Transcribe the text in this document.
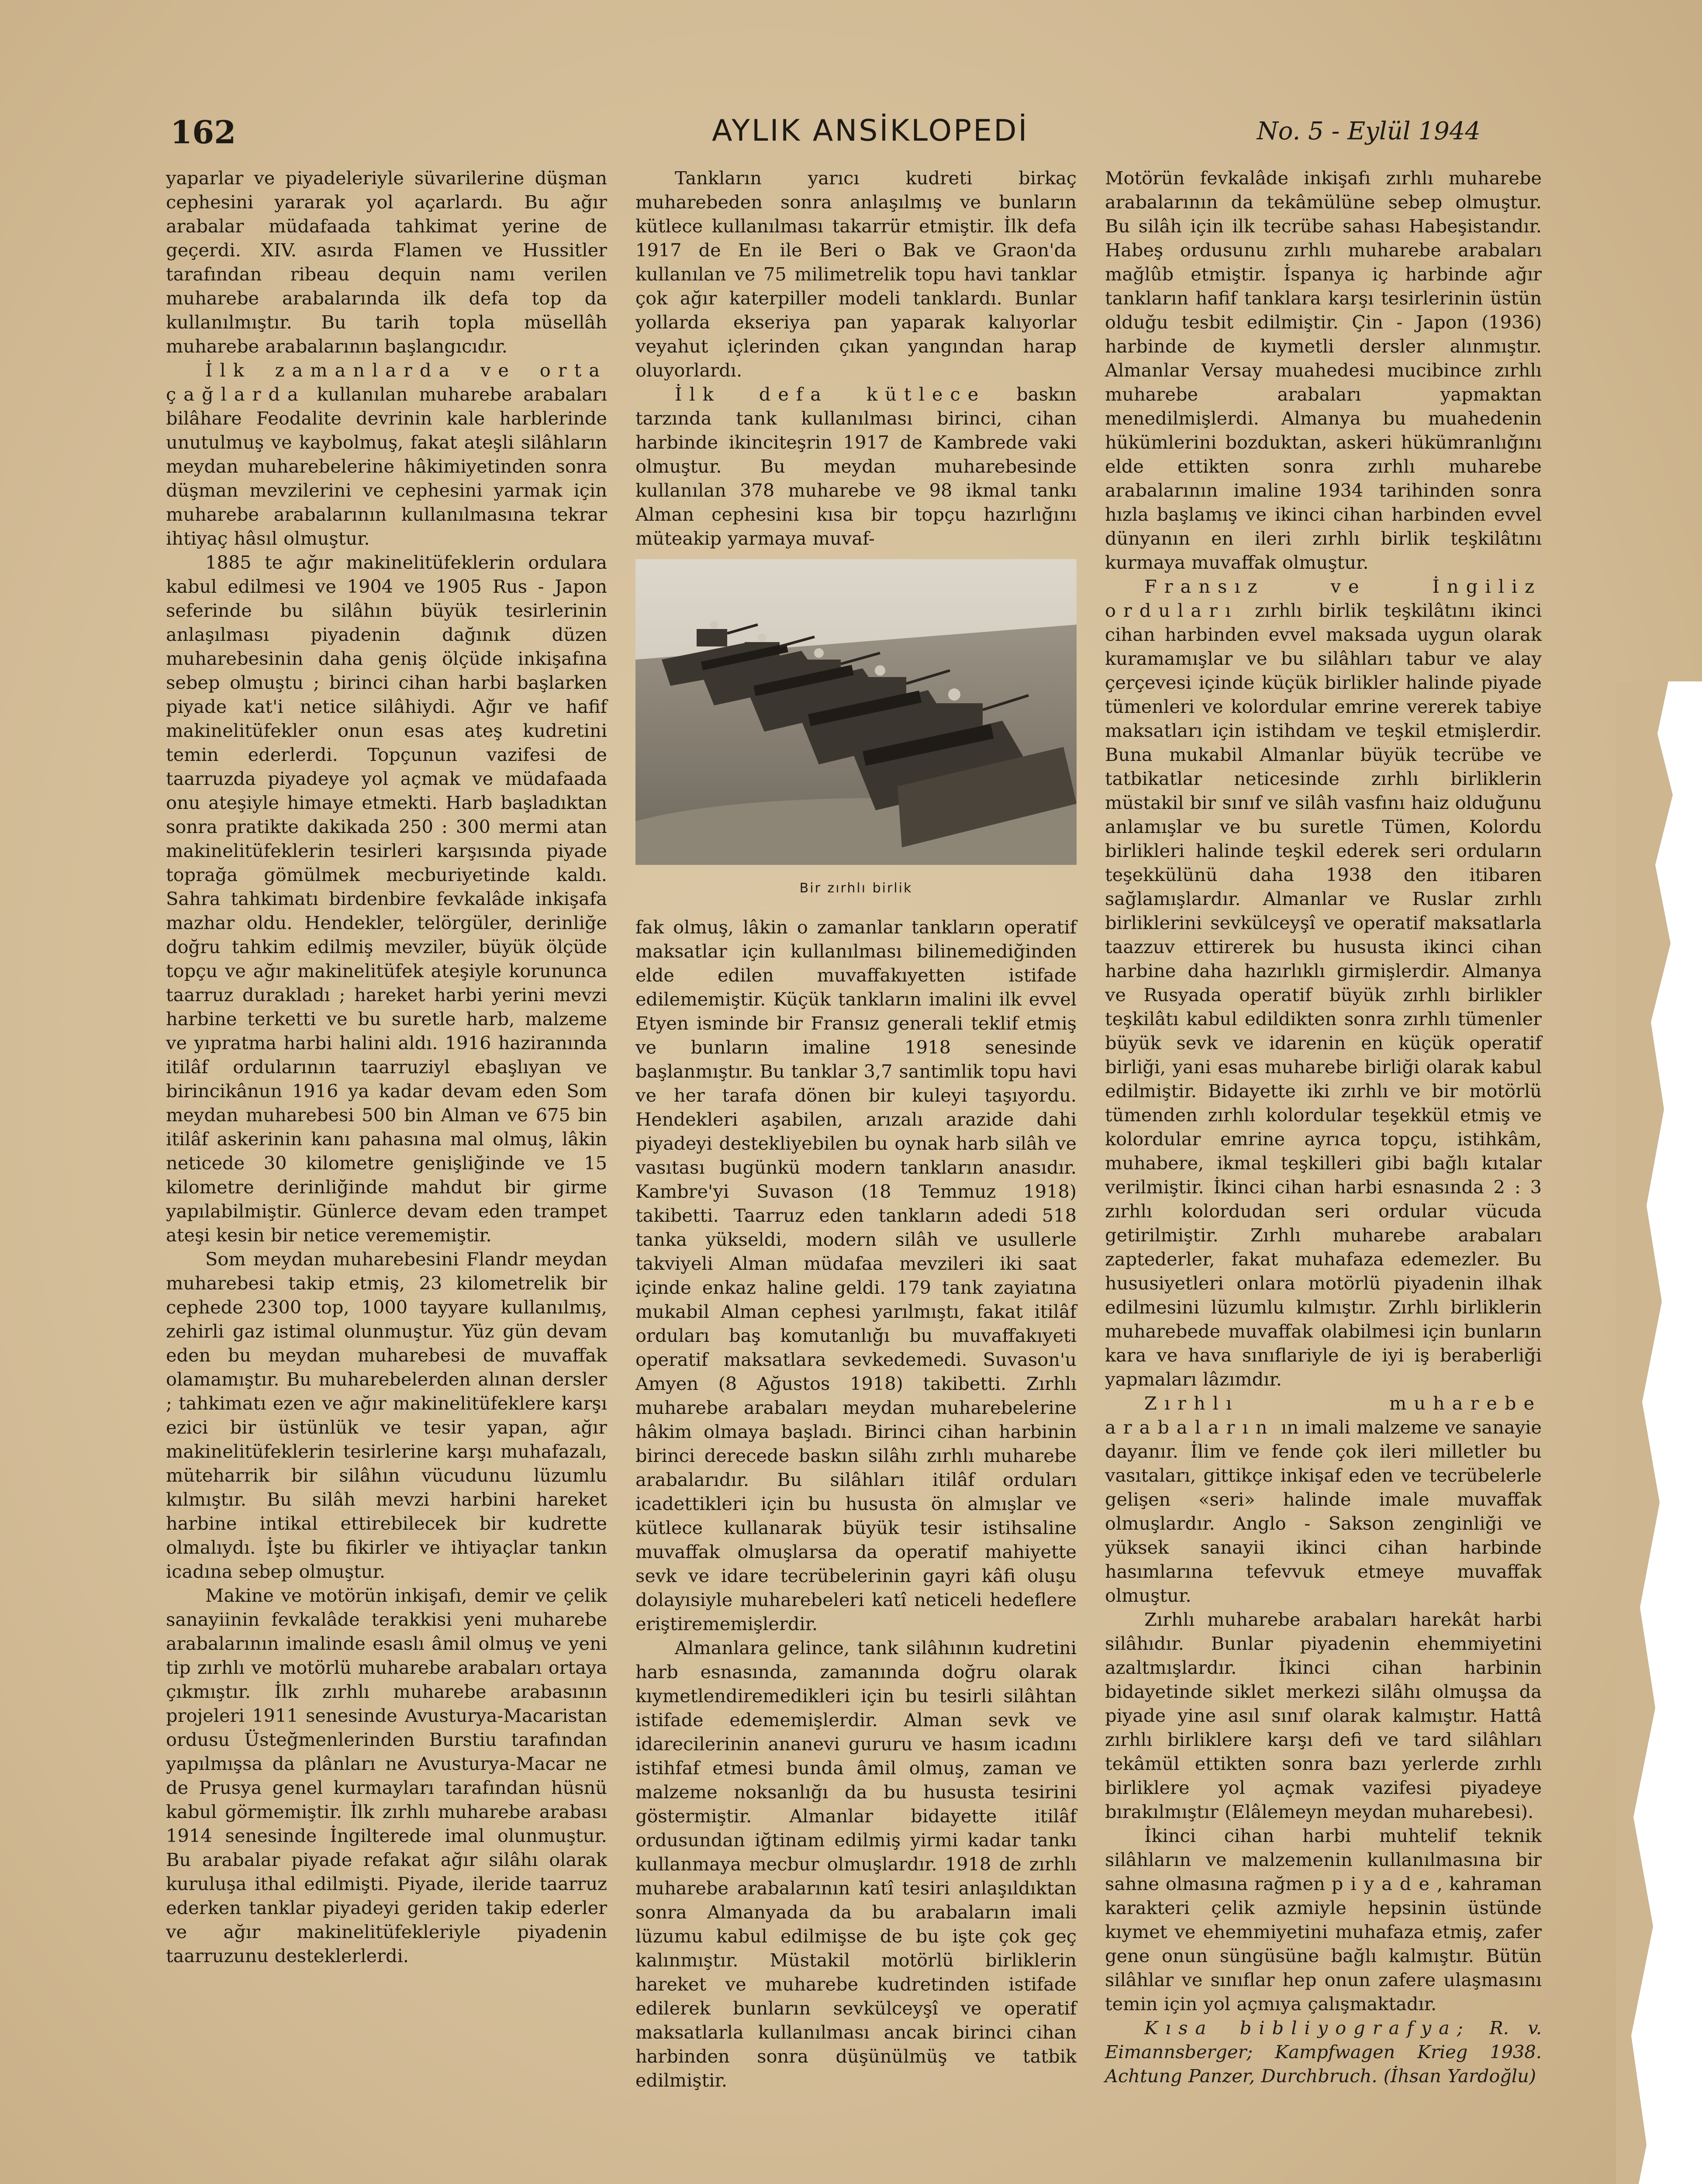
162	AYLIK ANSİKLOPEDİ	No. 5 - Eylül 1944

yaparlar ve piyadeleriyle süvarilerine düşman cephesini yararak yol açarlardı. Bu ağır arabalar müdafaada tahkimat yerine de geçerdi. XIV. asırda Flamen ve Hussitler tarafından ribeau dequin namı verilen muharebe arabalarında ilk defa top da kullanılmıştır. Bu tarih topla müsellâh muharebe arabalarının başlangıcıdır.

İlk zamanlarda ve orta çağlarda kullanılan muharebe arabaları bilâhare Feodalite devrinin kale harblerinde unutulmuş ve kaybolmuş, fakat ateşli silâhların meydan muharebelerine hâkimiyetinden sonra düşman mevzilerini ve cephesini yarmak için muharebe arabalarının kullanılmasına tekrar ihtiyaç hâsıl olmuştur.

1885 te ağır makinelitüfeklerin ordulara kabul edilmesi ve 1904 ve 1905 Rus - Japon seferinde bu silâhın büyük tesirlerinin anlaşılması piyadenin dağınık düzen muharebesinin daha geniş ölçüde inkişafına sebep olmuştu ; birinci cihan harbi başlarken piyade kat'i netice silâhiydi. Ağır ve hafif makinelitüfekler onun esas ateş kudretini temin ederlerdi. Topçunun vazifesi de taarruzda piyadeye yol açmak ve müdafaada onu ateşiyle himaye etmekti. Harb başladıktan sonra pratikte dakikada 250 : 300 mermi atan makinelitüfeklerin tesirleri karşısında piyade toprağa gömülmek mecburiyetinde kaldı. Sahra tahkimatı birdenbire fevkalâde inkişafa mazhar oldu. Hendekler, telörgüler, derinliğe doğru tahkim edilmiş mevziler, büyük ölçüde topçu ve ağır makinelitüfek ateşiyle korununca taarruz durakladı ; hareket harbi yerini mevzi harbine terketti ve bu suretle harb, malzeme ve yıpratma harbi halini aldı. 1916 haziranında itilâf ordularının taarruziyl ebaşlıyan ve birincikânun 1916 ya kadar devam eden Som meydan muharebesi 500 bin Alman ve 675 bin itilâf askerinin kanı pahasına mal olmuş, lâkin neticede 30 kilometre genişliğinde ve 15 kilometre derinliğinde mahdut bir girme yapılabilmiştir. Günlerce devam eden trampet ateşi kesin bir netice verememiştir.

Som meydan muharebesini Flandr meydan muharebesi takip etmiş, 23 kilometrelik bir cephede 2300 top, 1000 tayyare kullanılmış, zehirli gaz istimal olunmuştur. Yüz gün devam eden bu meydan muharebesi de muvaffak olamamıştır. Bu muharebelerden alınan dersler ; tahkimatı ezen ve ağır makinelitüfeklere karşı ezici bir üstünlük ve tesir yapan, ağır makinelitüfeklerin tesirlerine karşı muhafazalı, müteharrik bir silâhın vücudunu lüzumlu kılmıştır. Bu silâh mevzi harbini hareket harbine intikal ettirebilecek bir kudrette olmalıydı. İşte bu fikirler ve ihtiyaçlar tankın icadına sebep olmuştur.

Makine ve motörün inkişafı, demir ve çelik sanayiinin fevkalâde terakkisi yeni muharebe arabalarının imalinde esaslı âmil olmuş ve yeni tip zırhlı ve motörlü muharebe arabaları ortaya çıkmıştır. İlk zırhlı muharebe arabasının projeleri 1911 senesinde Avusturya-Macaristan ordusu Üsteğmenlerinden Burstiu tarafından yapılmışsa da plânları ne Avusturya-Macar ne de Prusya genel kurmayları tarafından hüsnü kabul görmemiştir. İlk zırhlı muharebe arabası 1914 senesinde İngilterede imal olunmuştur. Bu arabalar piyade refakat ağır silâhı olarak kuruluşa ithal edilmişti. Piyade, ileride taarruz ederken tanklar piyadeyi geriden takip ederler ve ağır makinelitüfekleriyle piyadenin taarruzunu desteklerlerdi.

Tankların yarıcı kudreti birkaç muharebeden sonra anlaşılmış ve bunların kütlece kullanılması takarrür etmiştir. İlk defa 1917 de En ile Beri o Bak ve Graon'da kullanılan ve 75 milimetrelik topu havi tanklar çok ağır katerpiller modeli tanklardı. Bunlar yollarda ekseriya pan yaparak kalıyorlar veyahut içlerinden çıkan yangından harap oluyorlardı.

İlk defa kütlece baskın tarzında tank kullanılması birinci, cihan harbinde ikinciteşrin 1917 de Kambrede vaki olmuştur. Bu meydan muharebesinde kullanılan 378 muharebe ve 98 ikmal tankı Alman cephesini kısa bir topçu hazırlığını müteakip yarmaya muvaf-

Bir zırhlı birlik

fak olmuş, lâkin o zamanlar tankların operatif maksatlar için kullanılması bilinemediğinden elde edilen muvaffakıyetten istifade edilememiştir. Küçük tankların imalini ilk evvel Etyen isminde bir Fransız generali teklif etmiş ve bunların imaline 1918 senesinde başlanmıştır. Bu tanklar 3,7 santimlik topu havi ve her tarafa dönen bir kuleyi taşıyordu. Hendekleri aşabilen, arızalı arazide dahi piyadeyi destekliyebilen bu oynak harb silâh ve vasıtası bugünkü modern tankların anasıdır. Kambre'yi Suvason (18 Temmuz 1918) takibetti. Taarruz eden tankların adedi 518 tanka yükseldi, modern silâh ve usullerle takviyeli Alman müdafaa mevzileri iki saat içinde enkaz haline geldi. 179 tank zayiatına mukabil Alman cephesi yarılmıştı, fakat itilâf orduları baş komutanlığı bu muvaffakıyeti operatif maksatlara sevkedemedi. Suvason'u Amyen (8 Ağustos 1918) takibetti. Zırhlı muharebe arabaları meydan muharebelerine hâkim olmaya başladı. Birinci cihan harbinin birinci derecede baskın silâhı zırhlı muharebe arabalarıdır. Bu silâhları itilâf orduları icadettikleri için bu hususta ön almışlar ve kütlece kullanarak büyük tesir istihsaline muvaffak olmuşlarsa da operatif mahiyette sevk ve idare tecrübelerinin gayri kâfi oluşu dolayısiyle muharebeleri katî neticeli hedeflere eriştirememişlerdir.

Almanlara gelince, tank silâhının kudretini harb esnasında, zamanında doğru olarak kıymetlendiremedikleri için bu tesirli silâhtan istifade edememişlerdir. Alman sevk ve idarecilerinin ananevi gururu ve hasım icadını istihfaf etmesi bunda âmil olmuş, zaman ve malzeme noksanlığı da bu hususta tesirini göstermiştir. Almanlar bidayette itilâf ordusundan iğtinam edilmiş yirmi kadar tankı kullanmaya mecbur olmuşlardır. 1918 de zırhlı muharebe arabalarının katî tesiri anlaşıldıktan sonra Almanyada da bu arabaların imali lüzumu kabul edilmişse de bu işte çok geç kalınmıştır. Müstakil motörlü birliklerin hareket ve muharebe kudretinden istifade edilerek bunların sevkülceyşî ve operatif maksatlarla kullanılması ancak birinci cihan harbinden sonra düşünülmüş ve tatbik edilmiştir.

Motörün fevkalâde inkişafı zırhlı muharebe arabalarının da tekâmülüne sebep olmuştur. Bu silâh için ilk tecrübe sahası Habeşistandır. Habeş ordusunu zırhlı muharebe arabaları mağlûb etmiştir. İspanya iç harbinde ağır tankların hafif tanklara karşı tesirlerinin üstün olduğu tesbit edilmiştir. Çin - Japon (1936) harbinde de kıymetli dersler alınmıştır. Almanlar Versay muahedesi mucibince zırhlı muharebe arabaları yapmaktan menedilmişlerdi. Almanya bu muahedenin hükümlerini bozduktan, askeri hükümranlığını elde ettikten sonra zırhlı muharebe arabalarının imaline 1934 tarihinden sonra hızla başlamış ve ikinci cihan harbinden evvel dünyanın en ileri zırhlı birlik teşkilâtını kurmaya muvaffak olmuştur.

Fransız ve İngiliz orduları zırhlı birlik teşkilâtını ikinci cihan harbinden evvel maksada uygun olarak kuramamışlar ve bu silâhları tabur ve alay çerçevesi içinde küçük birlikler halinde piyade tümenleri ve kolordular emrine vererek tabiye maksatları için istihdam ve teşkil etmişlerdir. Buna mukabil Almanlar büyük tecrübe ve tatbikatlar neticesinde zırhlı birliklerin müstakil bir sınıf ve silâh vasfını haiz olduğunu anlamışlar ve bu suretle Tümen, Kolordu birlikleri halinde teşkil ederek seri orduların teşekkülünü daha 1938 den itibaren sağlamışlardır. Almanlar ve Ruslar zırhlı birliklerini sevkülceyşî ve operatif maksatlarla taazzuv ettirerek bu hususta ikinci cihan harbine daha hazırlıklı girmişlerdir. Almanya ve Rusyada operatif büyük zırhlı birlikler teşkilâtı kabul edildikten sonra zırhlı tümenler büyük sevk ve idarenin en küçük operatif birliği, yani esas muharebe birliği olarak kabul edilmiştir. Bidayette iki zırhlı ve bir motörlü tümenden zırhlı kolordular teşekkül etmiş ve kolordular emrine ayrıca topçu, istihkâm, muhabere, ikmal teşkilleri gibi bağlı kıtalar verilmiştir. İkinci cihan harbi esnasında 2 : 3 zırhlı kolordudan seri ordular vücuda getirilmiştir. Zırhlı muharebe arabaları zaptederler, fakat muhafaza edemezler. Bu hususiyetleri onlara motörlü piyadenin ilhak edilmesini lüzumlu kılmıştır. Zırhlı birliklerin muharebede muvaffak olabilmesi için bunların kara ve hava sınıflariyle de iyi iş beraberliği yapmaları lâzımdır.

Zırhlı muharebe arabaların ın imali malzeme ve sanayie dayanır. İlim ve fende çok ileri milletler bu vasıtaları, gittikçe inkişaf eden ve tecrübelerle gelişen «seri» halinde imale muvaffak olmuşlardır. Anglo - Sakson zenginliği ve yüksek sanayii ikinci cihan harbinde hasımlarına tefevvuk etmeye muvaffak olmuştur.

Zırhlı muharebe arabaları harekât harbi silâhıdır. Bunlar piyadenin ehemmiyetini azaltmışlardır. İkinci cihan harbinin bidayetinde siklet merkezi silâhı olmuşsa da piyade yine asıl sınıf olarak kalmıştır. Hattâ zırhlı birliklere karşı defi ve tard silâhları tekâmül ettikten sonra bazı yerlerde zırhlı birliklere yol açmak vazifesi piyadeye bırakılmıştır (Elâlemeyn meydan muharebesi).

İkinci cihan harbi muhtelif teknik silâhların ve malzemenin kullanılmasına bir sahne olmasına rağmen piyade, kahraman karakteri çelik azmiyle hepsinin üstünde kıymet ve ehemmiyetini muhafaza etmiş, zafer gene onun süngüsüne bağlı kalmıştır. Bütün silâhlar ve sınıflar hep onun zafere ulaşmasını temin için yol açmıya çalışmaktadır.

Kısa bibliyografya; R. v. Eimannsberger; Kampfwagen Krieg 1938. Achtung Panzer, Durchbruch. (İhsan Yardoğlu)
